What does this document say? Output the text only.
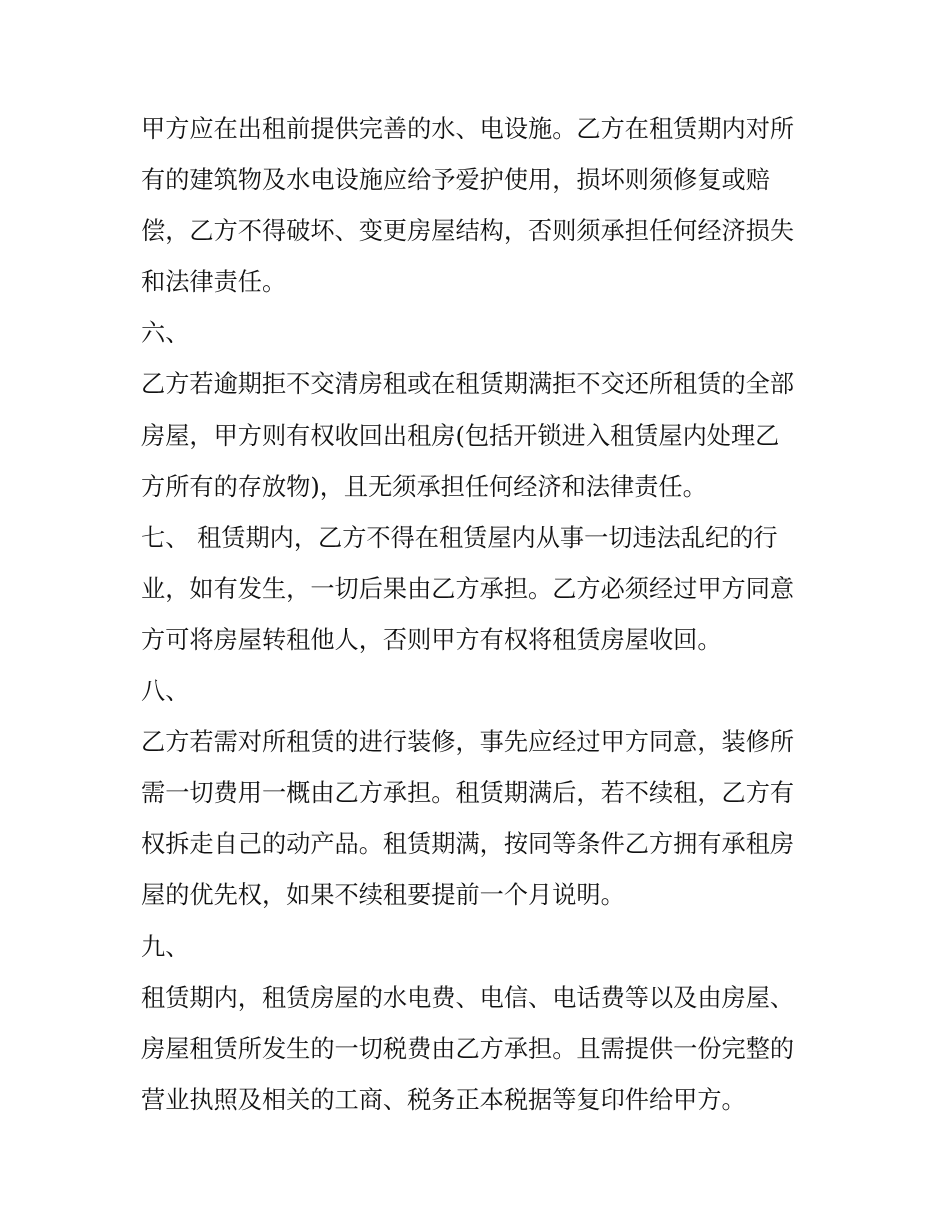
甲方应在出租前提供完善的水、电设施。乙方在租赁期内对所
有的建筑物及水电设施应给予爱护使用，损坏则须修复或赔
偿，乙方不得破坏、变更房屋结构，否则须承担任何经济损失
和法律责任。
六、
乙方若逾期拒不交清房租或在租赁期满拒不交还所租赁的全部
房屋，甲方则有权收回出租房(包括开锁进入租赁屋内处理乙
方所有的存放物)，且无须承担任何经济和法律责任。
七、 租赁期内，乙方不得在租赁屋内从事一切违法乱纪的行
业，如有发生，一切后果由乙方承担。乙方必须经过甲方同意
方可将房屋转租他人，否则甲方有权将租赁房屋收回。
八、
乙方若需对所租赁的进行装修，事先应经过甲方同意，装修所
需一切费用一概由乙方承担。租赁期满后，若不续租，乙方有
权拆走自己的动产品。租赁期满，按同等条件乙方拥有承租房
屋的优先权，如果不续租要提前一个月说明。
九、
租赁期内，租赁房屋的水电费、电信、电话费等以及由房屋、
房屋租赁所发生的一切税费由乙方承担。且需提供一份完整的
营业执照及相关的工商、税务正本税据等复印件给甲方。
